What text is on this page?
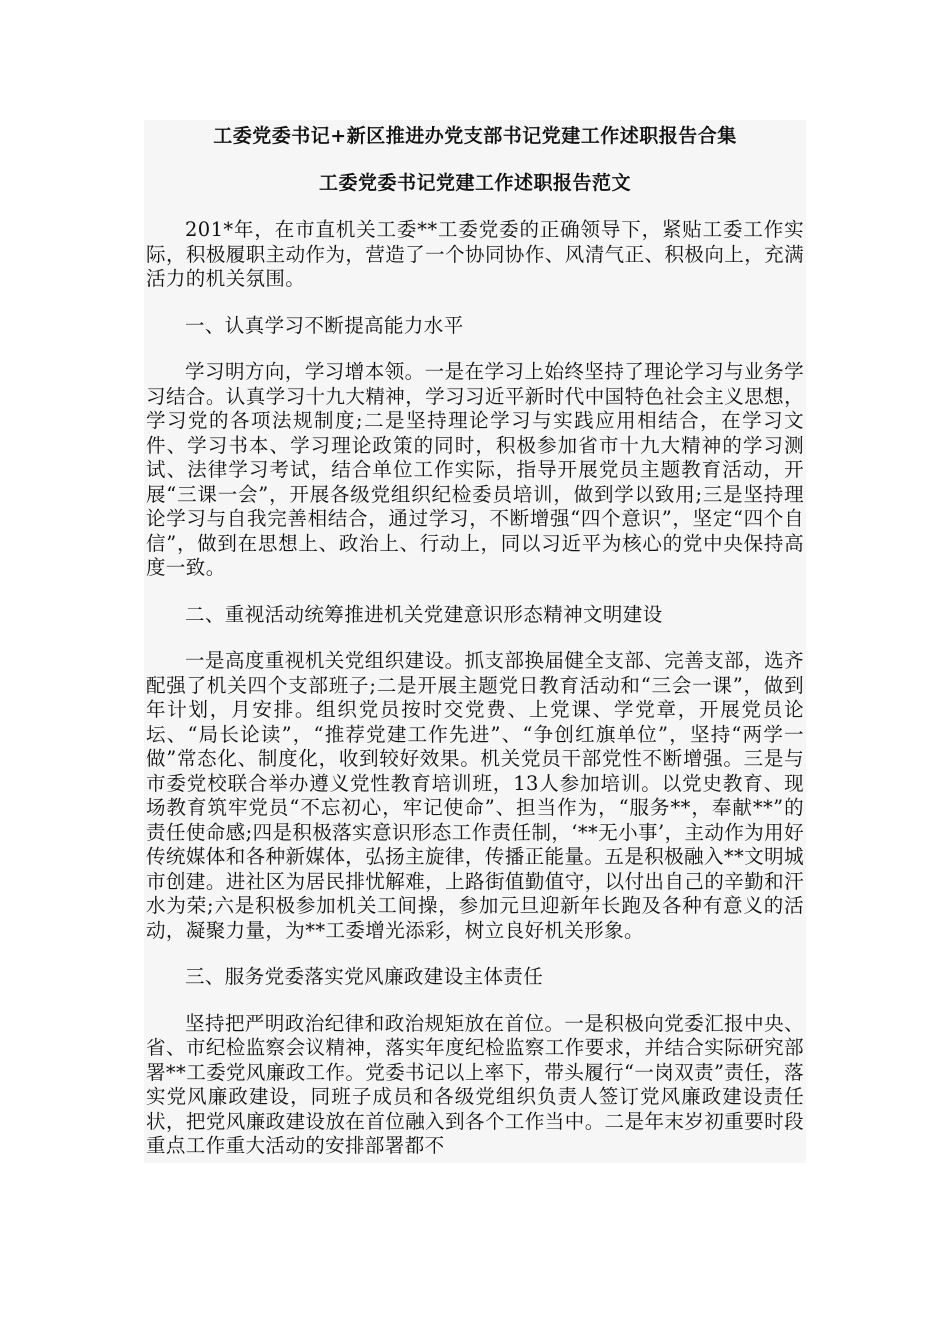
工委党委书记+新区推进办党支部书记党建工作述职报告合集

工委党委书记党建工作述职报告范文

201*年，在市直机关工委**工委党委的正确领导下，紧贴工委工作实际，积极履职主动作为，营造了一个协同协作、风清气正、积极向上，充满活力的机关氛围。

一、认真学习不断提高能力水平

学习明方向，学习增本领。一是在学习上始终坚持了理论学习与业务学习结合。认真学习十九大精神，学习习近平新时代中国特色社会主义思想，学习党的各项法规制度;二是坚持理论学习与实践应用相结合，在学习文件、学习书本、学习理论政策的同时，积极参加省市十九大精神的学习测试、法律学习考试，结合单位工作实际，指导开展党员主题教育活动，开展“三课一会”，开展各级党组织纪检委员培训，做到学以致用;三是坚持理论学习与自我完善相结合，通过学习，不断增强“四个意识”，坚定“四个自信”，做到在思想上、政治上、行动上，同以习近平为核心的党中央保持高度一致。

二、重视活动统筹推进机关党建意识形态精神文明建设

一是高度重视机关党组织建设。抓支部换届健全支部、完善支部，选齐配强了机关四个支部班子;二是开展主题党日教育活动和“三会一课”，做到年计划，月安排。组织党员按时交党费、上党课、学党章，开展党员论坛、“局长论读”，“推荐党建工作先进”、“争创红旗单位”，坚持“两学一做”常态化、制度化，收到较好效果。机关党员干部党性不断增强。三是与市委党校联合举办遵义党性教育培训班，13人参加培训。以党史教育、现场教育筑牢党员“不忘初心，牢记使命”、担当作为，“服务**，奉献**”的责任使命感;四是积极落实意识形态工作责任制，‘**无小事’，主动作为用好传统媒体和各种新媒体，弘扬主旋律，传播正能量。五是积极融入**文明城市创建。进社区为居民排忧解难，上路街值勤值守，以付出自己的辛勤和汗水为荣;六是积极参加机关工间操，参加元旦迎新年长跑及各种有意义的活动，凝聚力量，为**工委增光添彩，树立良好机关形象。

三、服务党委落实党风廉政建设主体责任

坚持把严明政治纪律和政治规矩放在首位。一是积极向党委汇报中央、省、市纪检监察会议精神，落实年度纪检监察工作要求，并结合实际研究部署**工委党风廉政工作。党委书记以上率下，带头履行“一岗双责”责任，落实党风廉政建设，同班子成员和各级党组织负责人签订党风廉政建设责任状，把党风廉政建设放在首位融入到各个工作当中。二是年末岁初重要时段重点工作重大活动的安排部署都不
